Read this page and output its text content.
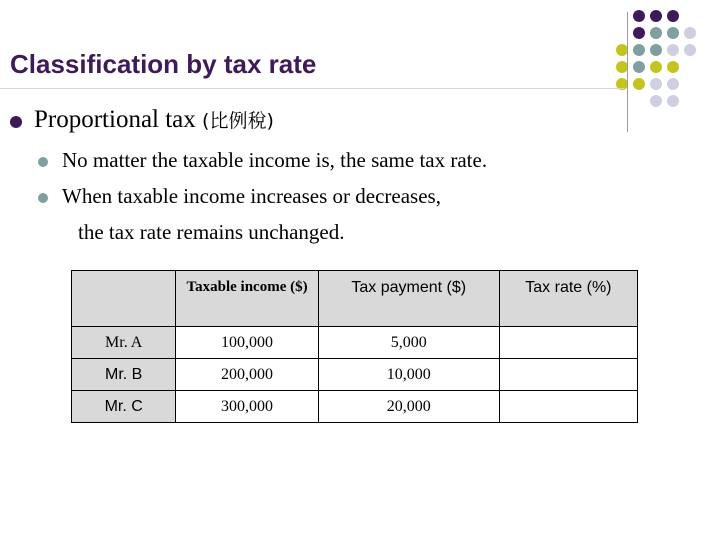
Classification by tax rate
Proportional tax (比例稅)
No matter the taxable income is, the same tax rate.
When taxable income increases or decreases,
the tax rate remains unchanged.

	Taxable income ($)	Tax payment ($)	Tax rate (%)

Mr. A	100,000	5,000	
Mr. B	200,000	10,000	
Mr. C	300,000	20,000	
